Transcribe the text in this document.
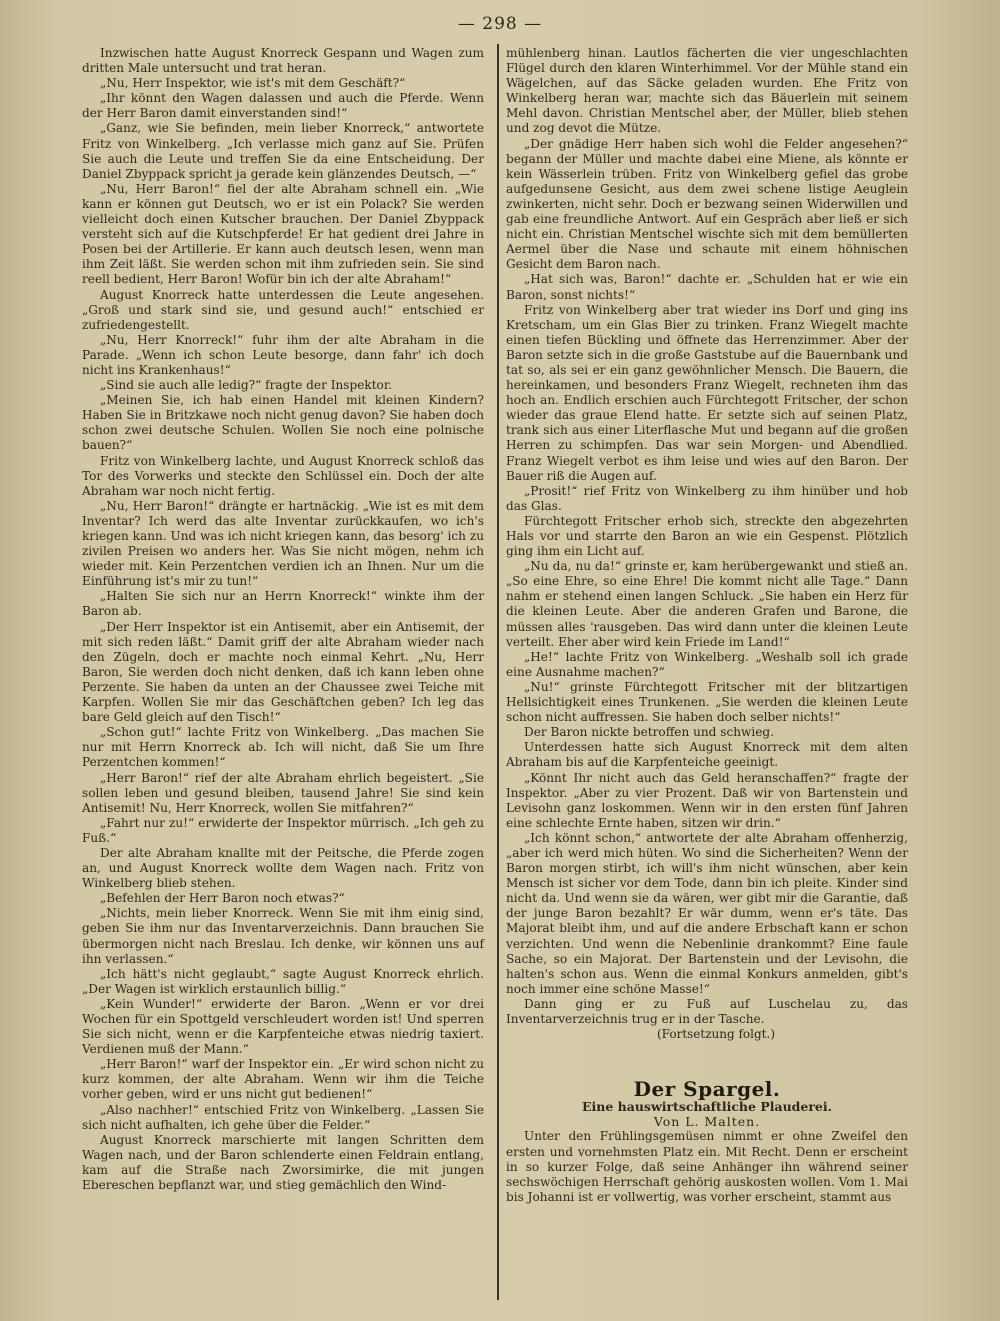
— 298 —

Inzwischen hatte August Knorreck Gespann und Wagen zum dritten Male untersucht und trat heran.

„Nu, Herr Inspektor, wie ist's mit dem Geschäft?“

„Ihr könnt den Wagen dalassen und auch die Pferde. Wenn der Herr Baron damit einverstanden sind!“

„Ganz, wie Sie befinden, mein lieber Knorreck,“ antwortete Fritz von Winkelberg. „Ich verlasse mich ganz auf Sie. Prüfen Sie auch die Leute und treffen Sie da eine Entscheidung. Der Daniel Zbyppack spricht ja gerade kein glänzendes Deutsch, —“

„Nu, Herr Baron!“ fiel der alte Abraham schnell ein. „Wie kann er können gut Deutsch, wo er ist ein Polack? Sie werden vielleicht doch einen Kutscher brauchen. Der Daniel Zbyppack versteht sich auf die Kutschpferde! Er hat gedient drei Jahre in Posen bei der Artillerie. Er kann auch deutsch lesen, wenn man ihm Zeit läßt. Sie werden schon mit ihm zufrieden sein. Sie sind reell bedient, Herr Baron! Wofür bin ich der alte Abraham!“

August Knorreck hatte unterdessen die Leute angesehen. „Groß und stark sind sie, und gesund auch!“ entschied er zufriedengestellt.

„Nu, Herr Knorreck!“ fuhr ihm der alte Abraham in die Parade. „Wenn ich schon Leute besorge, dann fahr' ich doch nicht ins Krankenhaus!“

„Sind sie auch alle ledig?“ fragte der Inspektor.

„Meinen Sie, ich hab einen Handel mit kleinen Kindern? Haben Sie in Britzkawe noch nicht genug davon? Sie haben doch schon zwei deutsche Schulen. Wollen Sie noch eine polnische bauen?“

Fritz von Winkelberg lachte, und August Knorreck schloß das Tor des Vorwerks und steckte den Schlüssel ein. Doch der alte Abraham war noch nicht fertig.

„Nu, Herr Baron!“ drängte er hartnäckig. „Wie ist es mit dem Inventar? Ich werd das alte Inventar zurückkaufen, wo ich's kriegen kann. Und was ich nicht kriegen kann, das besorg' ich zu zivilen Preisen wo anders her. Was Sie nicht mögen, nehm ich wieder mit. Kein Perzentchen verdien ich an Ihnen. Nur um die Einführung ist's mir zu tun!“

„Halten Sie sich nur an Herrn Knorreck!“ winkte ihm der Baron ab.

„Der Herr Inspektor ist ein Antisemit, aber ein Antisemit, der mit sich reden läßt.“ Damit griff der alte Abraham wieder nach den Zügeln, doch er machte noch einmal Kehrt. „Nu, Herr Baron, Sie werden doch nicht denken, daß ich kann leben ohne Perzente. Sie haben da unten an der Chaussee zwei Teiche mit Karpfen. Wollen Sie mir das Geschäftchen geben? Ich leg das bare Geld gleich auf den Tisch!“

„Schon gut!“ lachte Fritz von Winkelberg. „Das machen Sie nur mit Herrn Knorreck ab. Ich will nicht, daß Sie um Ihre Perzentchen kommen!“

„Herr Baron!“ rief der alte Abraham ehrlich begeistert. „Sie sollen leben und gesund bleiben, tausend Jahre! Sie sind kein Antisemit! Nu, Herr Knorreck, wollen Sie mitfahren?“

„Fahrt nur zu!“ erwiderte der Inspektor mürrisch. „Ich geh zu Fuß.“

Der alte Abraham knallte mit der Peitsche, die Pferde zogen an, und August Knorreck wollte dem Wagen nach. Fritz von Winkelberg blieb stehen.

„Befehlen der Herr Baron noch etwas?“

„Nichts, mein lieber Knorreck. Wenn Sie mit ihm einig sind, geben Sie ihm nur das Inventarverzeichnis. Dann brauchen Sie übermorgen nicht nach Breslau. Ich denke, wir können uns auf ihn verlassen.“

„Ich hätt's nicht geglaubt,“ sagte August Knorreck ehrlich. „Der Wagen ist wirklich erstaunlich billig.“

„Kein Wunder!“ erwiderte der Baron. „Wenn er vor drei Wochen für ein Spottgeld verschleudert worden ist! Und sperren Sie sich nicht, wenn er die Karpfenteiche etwas niedrig taxiert. Verdienen muß der Mann.“

„Herr Baron!“ warf der Inspektor ein. „Er wird schon nicht zu kurz kommen, der alte Abraham. Wenn wir ihm die Teiche vorher geben, wird er uns nicht gut bedienen!“

„Also nachher!“ entschied Fritz von Winkelberg. „Lassen Sie sich nicht aufhalten, ich gehe über die Felder.“

August Knorreck marschierte mit langen Schritten dem Wagen nach, und der Baron schlenderte einen Feldrain entlang, kam auf die Straße nach Zworsimirke, die mit jungen Ebereschen bepflanzt war, und stieg gemächlich den Wind-

mühlenberg hinan. Lautlos fächerten die vier ungeschlachten Flügel durch den klaren Winterhimmel. Vor der Mühle stand ein Wägelchen, auf das Säcke geladen wurden. Ehe Fritz von Winkelberg heran war, machte sich das Bäuerlein mit seinem Mehl davon. Christian Mentschel aber, der Müller, blieb stehen und zog devot die Mütze.

„Der gnädige Herr haben sich wohl die Felder angesehen?“ begann der Müller und machte dabei eine Miene, als könnte er kein Wässerlein trüben. Fritz von Winkelberg gefiel das grobe aufgedunsene Gesicht, aus dem zwei schene listige Aeuglein zwinkerten, nicht sehr. Doch er bezwang seinen Widerwillen und gab eine freundliche Antwort. Auf ein Gespräch aber ließ er sich nicht ein. Christian Mentschel wischte sich mit dem bemüllerten Aermel über die Nase und schaute mit einem höhnischen Gesicht dem Baron nach.

„Hat sich was, Baron!“ dachte er. „Schulden hat er wie ein Baron, sonst nichts!“

Fritz von Winkelberg aber trat wieder ins Dorf und ging ins Kretscham, um ein Glas Bier zu trinken. Franz Wiegelt machte einen tiefen Bückling und öffnete das Herrenzimmer. Aber der Baron setzte sich in die große Gaststube auf die Bauernbank und tat so, als sei er ein ganz gewöhnlicher Mensch. Die Bauern, die hereinkamen, und besonders Franz Wiegelt, rechneten ihm das hoch an. Endlich erschien auch Fürchtegott Fritscher, der schon wieder das graue Elend hatte. Er setzte sich auf seinen Platz, trank sich aus einer Literflasche Mut und begann auf die großen Herren zu schimpfen. Das war sein Morgen- und Abendlied. Franz Wiegelt verbot es ihm leise und wies auf den Baron. Der Bauer riß die Augen auf.

„Prosit!“ rief Fritz von Winkelberg zu ihm hinüber und hob das Glas.

Fürchtegott Fritscher erhob sich, streckte den abgezehrten Hals vor und starrte den Baron an wie ein Gespenst. Plötzlich ging ihm ein Licht auf.

„Nu da, nu da!“ grinste er, kam herübergewankt und stieß an. „So eine Ehre, so eine Ehre! Die kommt nicht alle Tage.“ Dann nahm er stehend einen langen Schluck. „Sie haben ein Herz für die kleinen Leute. Aber die anderen Grafen und Barone, die müssen alles 'rausgeben. Das wird dann unter die kleinen Leute verteilt. Eher aber wird kein Friede im Land!“

„He!“ lachte Fritz von Winkelberg. „Weshalb soll ich grade eine Ausnahme machen?“

„Nu!“ grinste Fürchtegott Fritscher mit der blitzartigen Hellsichtigkeit eines Trunkenen. „Sie werden die kleinen Leute schon nicht auffressen. Sie haben doch selber nichts!“

Der Baron nickte betroffen und schwieg.

Unterdessen hatte sich August Knorreck mit dem alten Abraham bis auf die Karpfenteiche geeinigt.

„Könnt Ihr nicht auch das Geld heranschaffen?“ fragte der Inspektor. „Aber zu vier Prozent. Daß wir von Bartenstein und Levisohn ganz loskommen. Wenn wir in den ersten fünf Jahren eine schlechte Ernte haben, sitzen wir drin.“

„Ich könnt schon,“ antwortete der alte Abraham offenherzig, „aber ich werd mich hüten. Wo sind die Sicherheiten? Wenn der Baron morgen stirbt, ich will's ihm nicht wünschen, aber kein Mensch ist sicher vor dem Tode, dann bin ich pleite. Kinder sind nicht da. Und wenn sie da wären, wer gibt mir die Garantie, daß der junge Baron bezahlt? Er wär dumm, wenn er's täte. Das Majorat bleibt ihm, und auf die andere Erbschaft kann er schon verzichten. Und wenn die Nebenlinie drankommt? Eine faule Sache, so ein Majorat. Der Bartenstein und der Levisohn, die halten's schon aus. Wenn die einmal Konkurs anmelden, gibt's noch immer eine schöne Masse!“

Dann ging er zu Fuß auf Luschelau zu, das Inventarverzeichnis trug er in der Tasche.

(Fortsetzung folgt.)

Der Spargel.

Eine hauswirtschaftliche Plauderei.

Von L. Malten.

Unter den Frühlingsgemüsen nimmt er ohne Zweifel den ersten und vornehmsten Platz ein. Mit Recht. Denn er erscheint in so kurzer Folge, daß seine Anhänger ihn während seiner sechswöchigen Herrschaft gehörig auskosten wollen. Vom 1. Mai bis Johanni ist er vollwertig, was vorher erscheint, stammt aus
